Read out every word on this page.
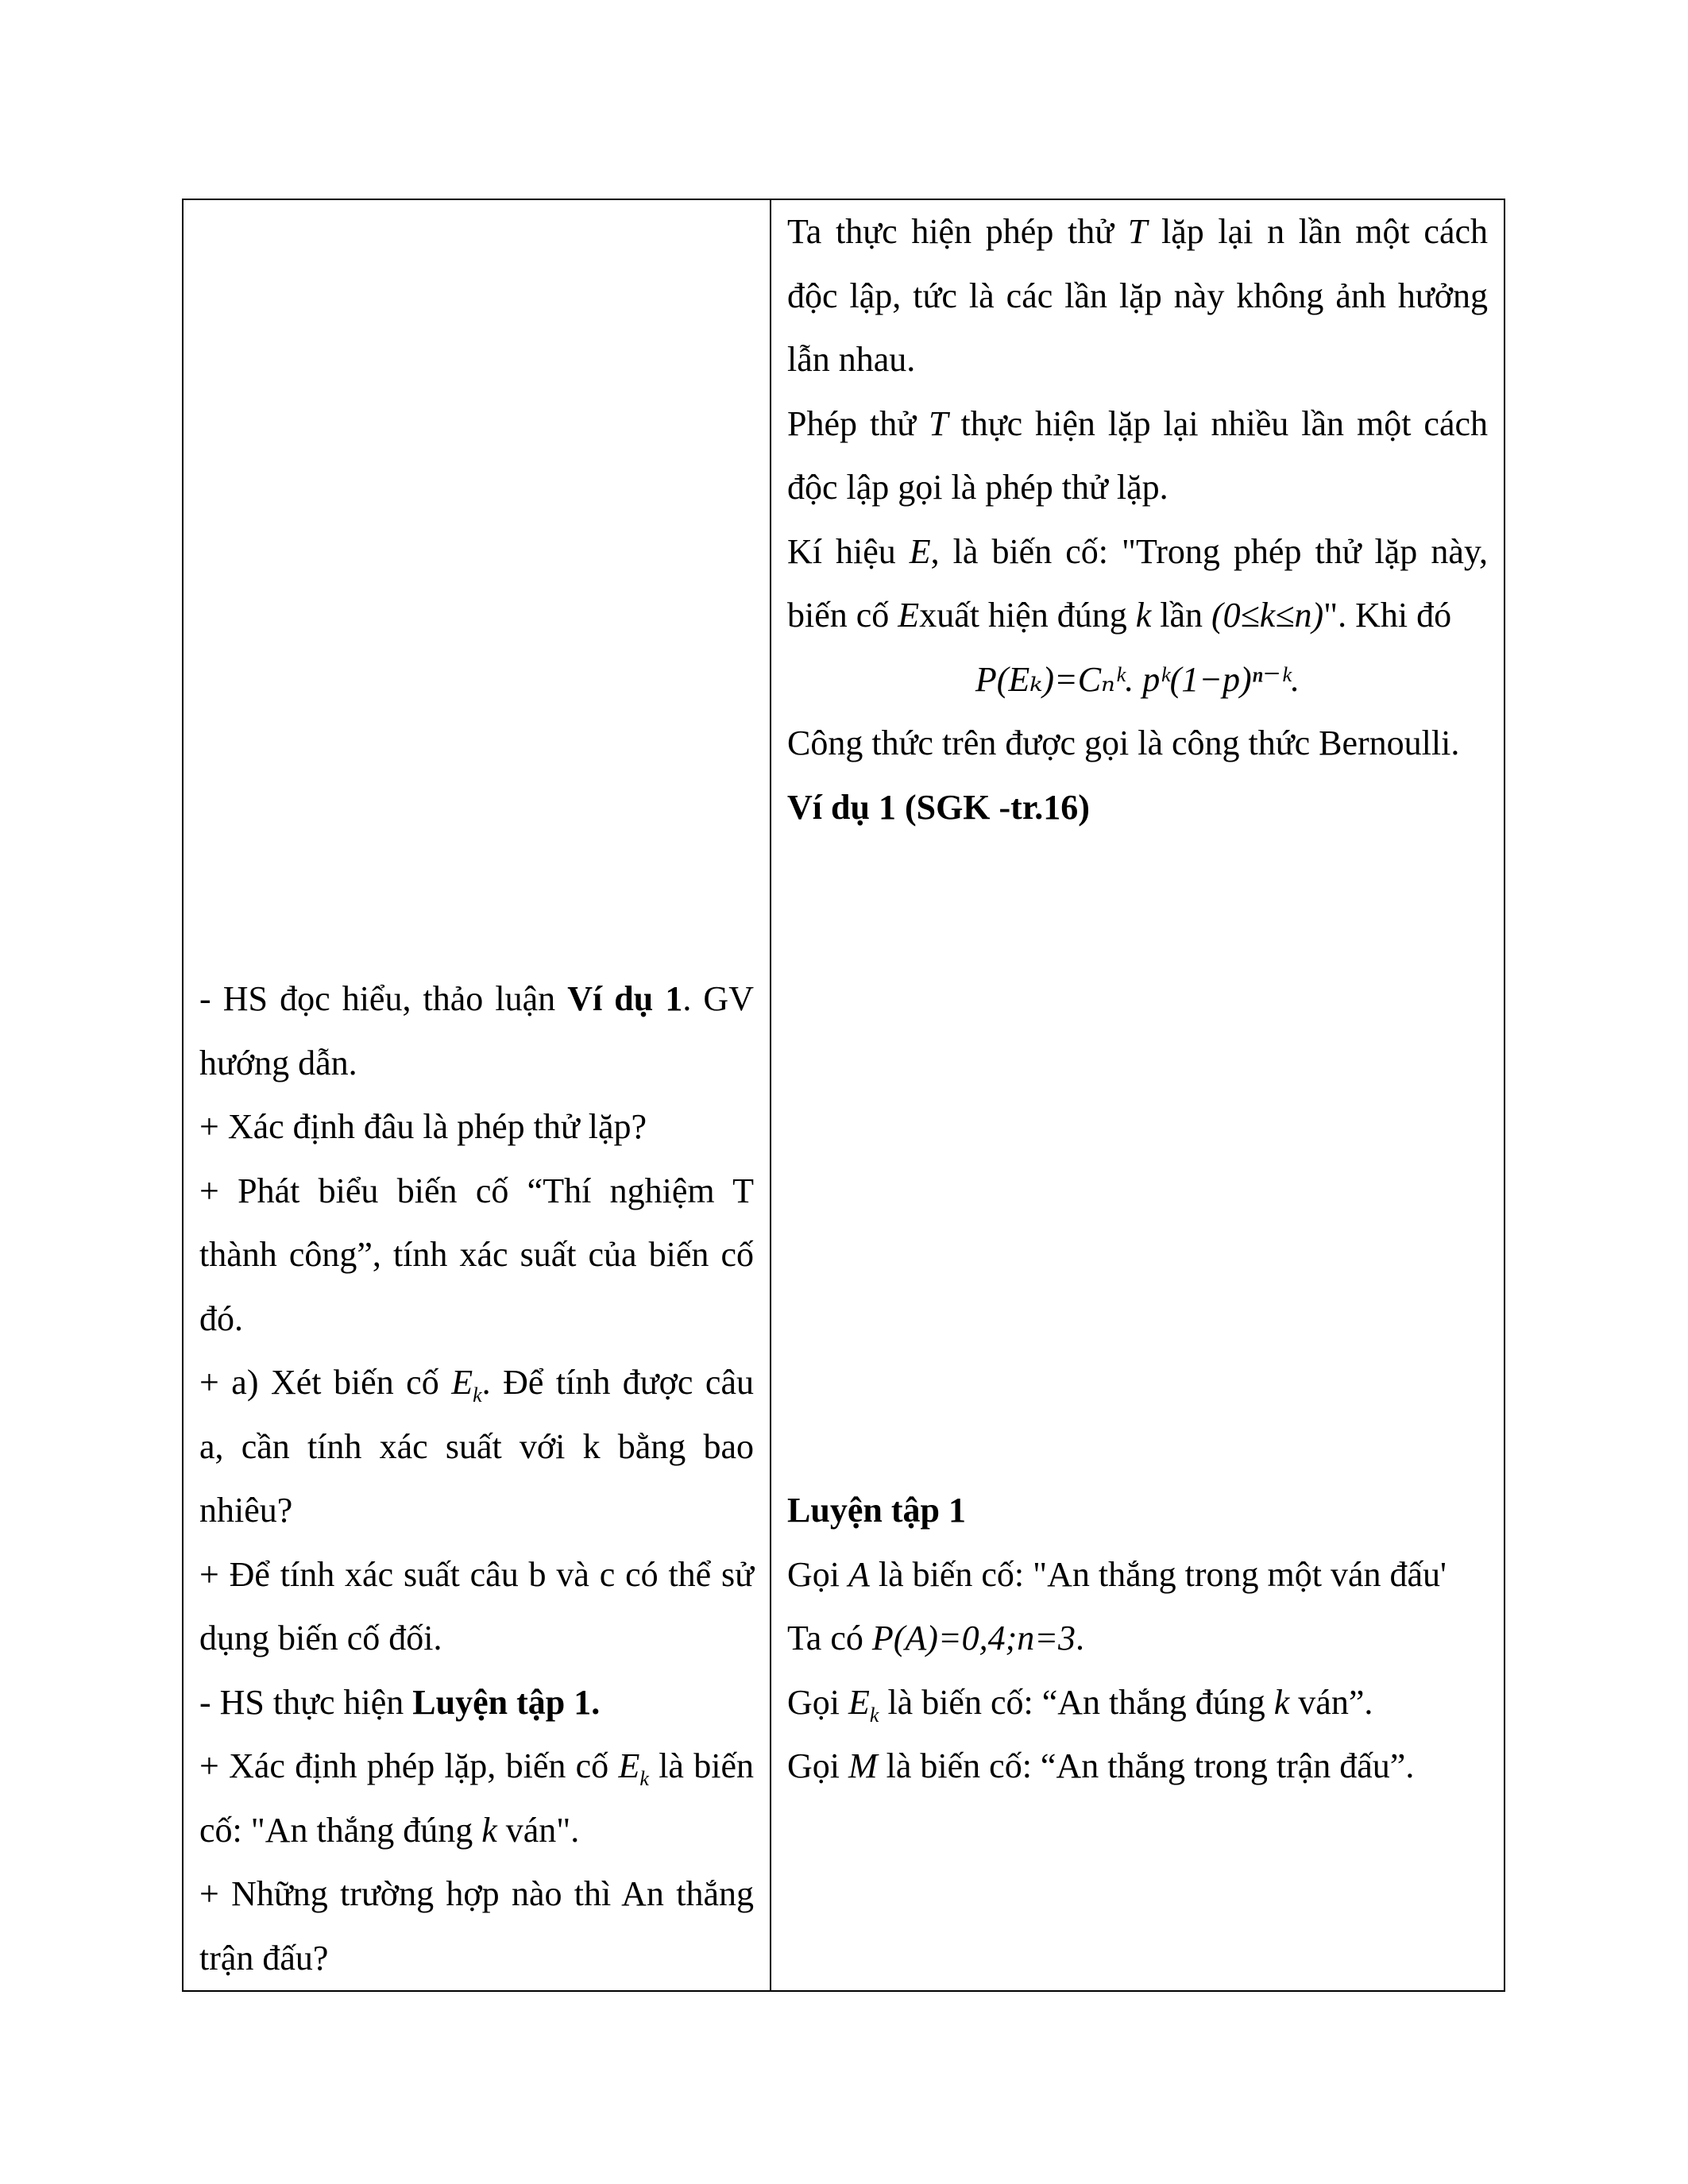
- HS đọc hiểu, thảo luận Ví dụ 1. GV hướng dẫn.

+ Xác định đâu là phép thử lặp?

+ Phát biểu biến cố “Thí nghiệm T thành công”, tính xác suất của biến cố đó.

+ a) Xét biến cố $E_k$. Để tính được câu a, cần tính xác suất với k bằng bao nhiêu?

+ Để tính xác suất câu b và c có thể sử dụng biến cố đối.

- HS thực hiện Luyện tập 1.

+ Xác định phép lặp, biến cố $E_k$ là biến cố: "An thắng đúng k ván".

+ Những trường hợp nào thì An thắng trận đấu?

Ta thực hiện phép thử T lặp lại n lần một cách độc lập, tức là các lần lặp này không ảnh hưởng lẫn nhau.

Phép thử T thực hiện lặp lại nhiều lần một cách độc lập gọi là phép thử lặp.

Kí hiệu E, là biến cố: "Trong phép thử lặp này, biến cố Exuất hiện đúng k lần (0≤k≤n)". Khi đó

P(Eₖ)=Cₙᵏ. pᵏ(1−p)ⁿ⁻ᵏ.

Công thức trên được gọi là công thức Bernoulli.

Ví dụ 1 (SGK -tr.16)

Luyện tập 1

Gọi A là biến cố: "An thắng trong một ván đấu'

Ta có P(A)=0,4;n=3.

Gọi $E_k$ là biến cố: “An thắng đúng k ván”.

Gọi M là biến cố: “An thắng trong trận đấu”.
